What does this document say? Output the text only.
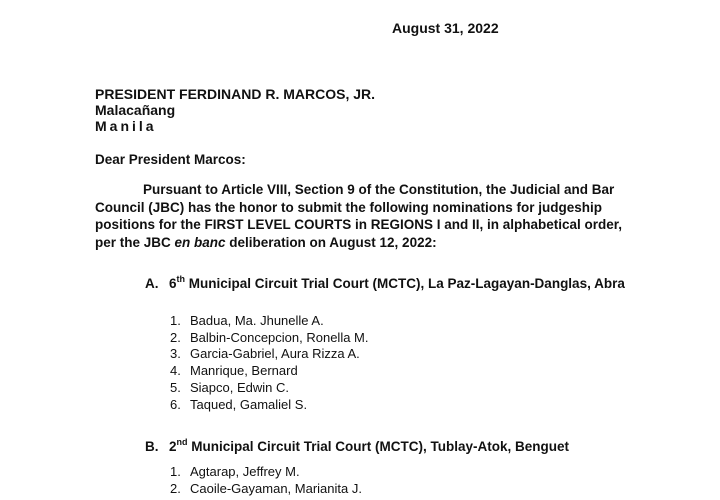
August 31, 2022
PRESIDENT FERDINAND R. MARCOS, JR.
Malacañang
Manila
Dear President Marcos:

Pursuant to Article VIII, Section 9 of the Constitution, the Judicial and Bar
Council (JBC) has the honor to submit the following nominations for judgeship
positions for the FIRST LEVEL COURTS in REGIONS I and II, in alphabetical order,
per the JBC en banc deliberation on August 12, 2022:

A. 6th Municipal Circuit Trial Court (MCTC), La Paz-Lagayan-Danglas, Abra
1. Badua, Ma. Jhunelle A.
2. Balbin-Concepcion, Ronella M.
3. Garcia-Gabriel, Aura Rizza A.
4. Manrique, Bernard
5. Siapco, Edwin C.
6. Taqued, Gamaliel S.
B. 2nd Municipal Circuit Trial Court (MCTC), Tublay-Atok, Benguet
1. Agtarap, Jeffrey M.
2. Caoile-Gayaman, Marianita J.
